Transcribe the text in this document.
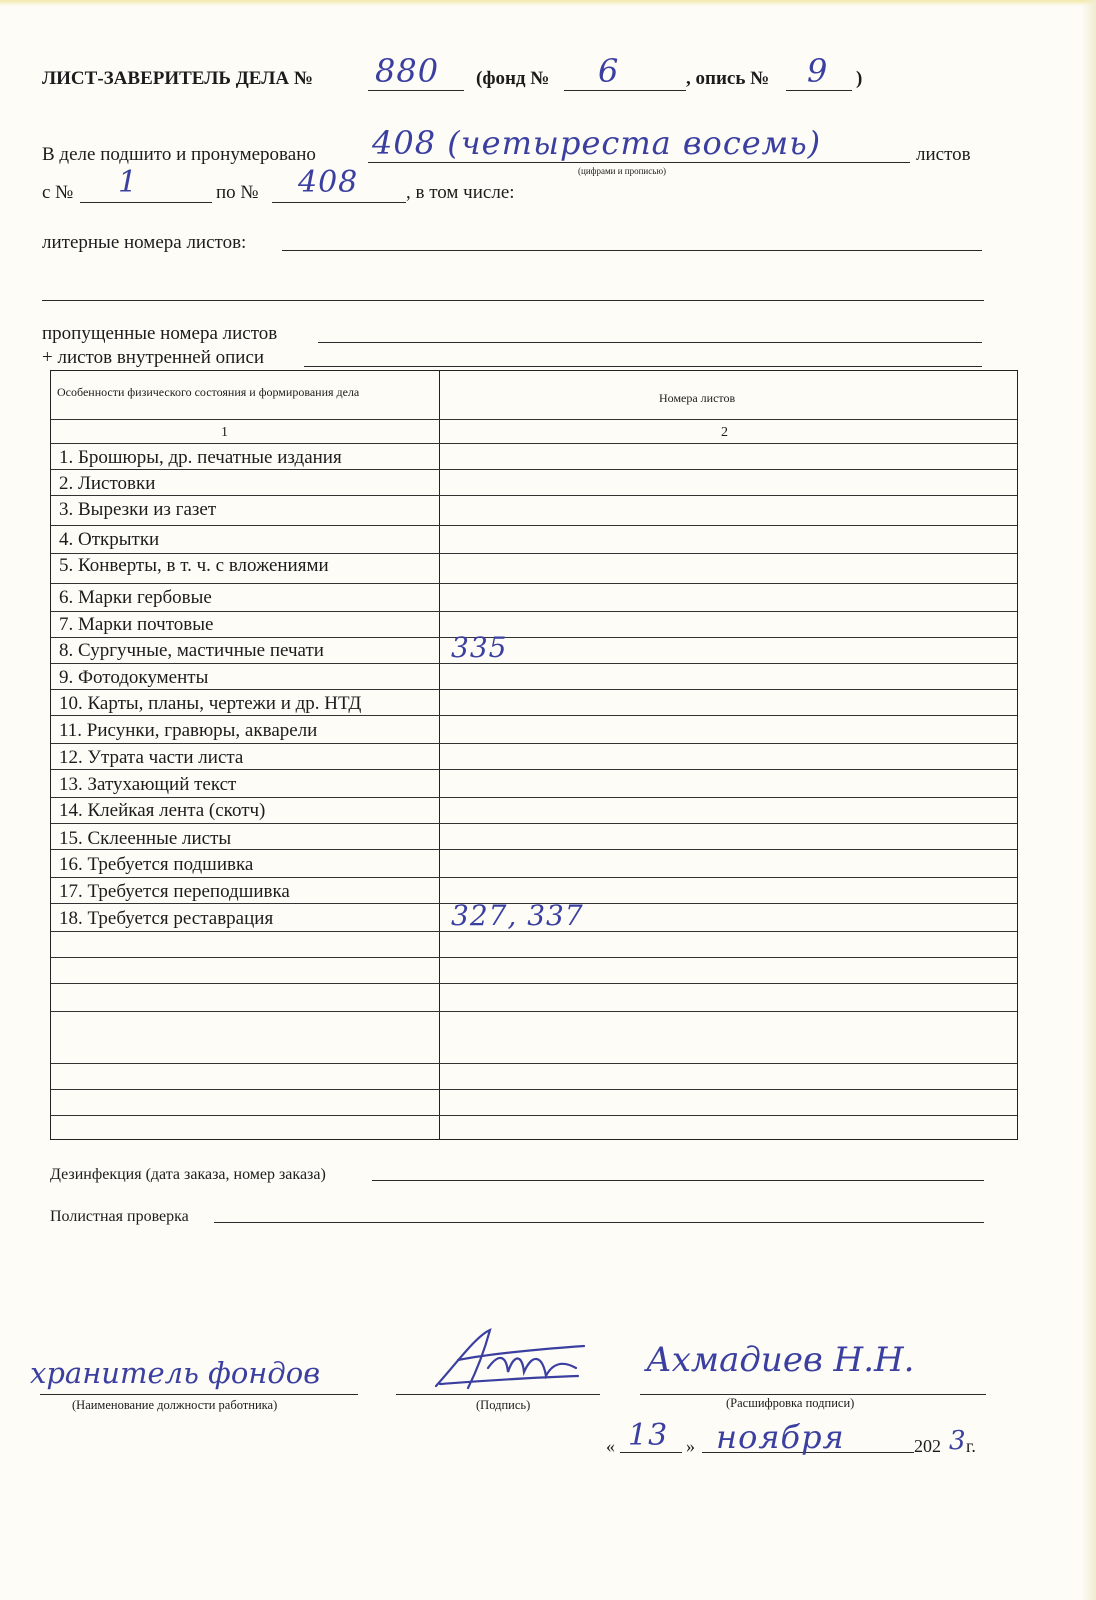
ЛИСТ-ЗАВЕРИТЕЛЬ ДЕЛА № 880 (фонд № 6	, опись № 9 )
В деле подшито и пронумеровано 408 (четыреста восемь)
(цифрами и прописью)
листов
с № 1	по № 408	, в том числе:
литерные номера листов:
пропущенные номера листов
+ листов внутренней описи
Особенности физического состояния и формирования дела	Номера листов
1	2
1. Брошюры, др. печатные издания
2. Листовки
3. Вырезки из газет
4. Открытки
5. Конверты, в т. ч. с вложениями
6. Марки гербовые
7. Марки почтовые
8. Сургучные, мастичные печати	335
9. Фотодокументы
10. Карты, планы, чертежи и др. НТД
11. Рисунки, гравюры, акварели
12. Утрата части листа
13. Затухающий текст
14. Клейкая лента (скотч)
15. Склеенные листы
16. Требуется подшивка
17. Требуется переподшивка
18. Требуется реставрация	327, 337
Дезинфекция (дата заказа, номер заказа)
Полистная проверка
хранитель фондов
(Наименование должности работника)	(Подпись)
Ахмадиев Н.Н.
(Расшифровка подписи)
« 13 » ноября	202 3 г.
